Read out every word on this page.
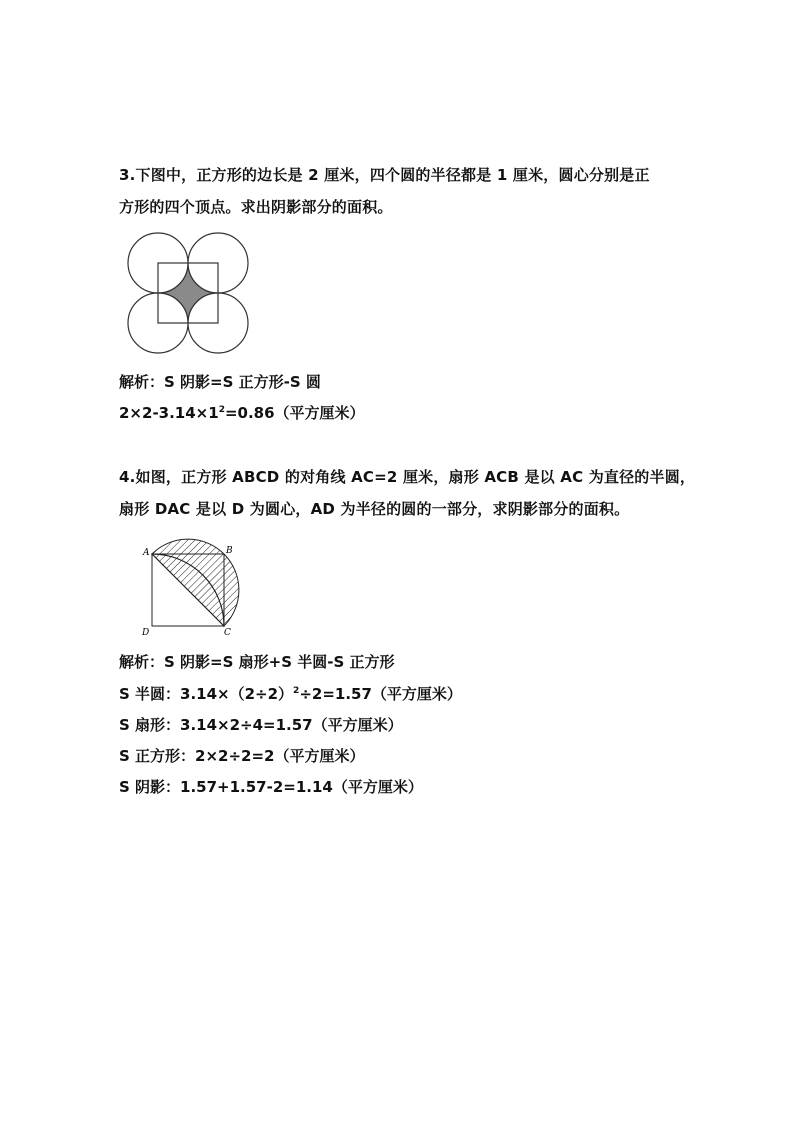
3.下图中，正方形的边长是 2 厘米，四个圆的半径都是 1 厘米，圆心分别是正
方形的四个顶点。求出阴影部分的面积。
解析：S 阴影=S 正方形-S 圆
$2\times 2-3.14\times 1^2=0.86$（平方厘米）
4.如图，正方形 ABCD 的对角线 AC=2 厘米，扇形 ACB 是以 AC 为直径的半圆，
扇形 DAC 是以 D 为圆心，AD 为半径的圆的一部分，求阴影部分的面积。
A	B
C
D
解析：S 阴影=S 扇形+S 半圆-S 正方形
S 半圆：$3.14\times(2\div 2)^2\div 2=1.57$（平方厘米）
S 扇形：3.14×2÷4=1.57（平方厘米）
S 正方形：2×2÷2=2（平方厘米）
S 阴影：1.57+1.57-2=1.14（平方厘米）
